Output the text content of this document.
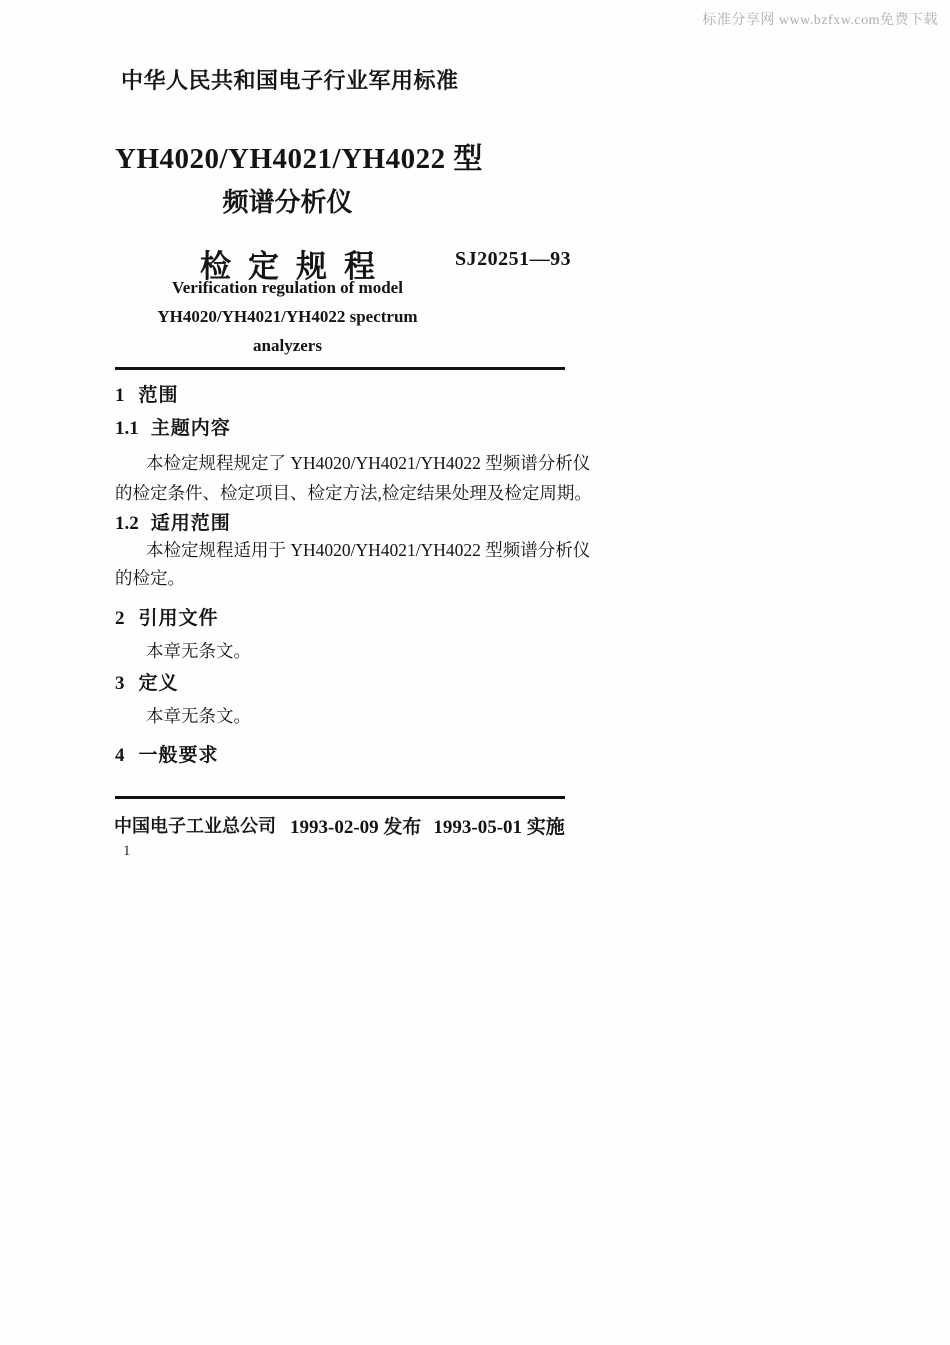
标准分享网 www.bzfxw.com免费下载
中华人民共和国电子行业军用标准
YH4020/YH4021/YH4022 型
频谱分析仪
检定规程	SJ20251—93
Verification regulation of model
YH4020/YH4021/YH4022 spectrum
analyzers
1 范围
1.1 主题内容
本检定规程规定了 YH4020/YH4021/YH4022 型频谱分析仪
的检定条件、检定项目、检定方法,检定结果处理及检定周期。
1.2 适用范围
本检定规程适用于 YH4020/YH4021/YH4022 型频谱分析仪
的检定。
2 引用文件
本章无条文。
3 定义
本章无条文。
4 一般要求
中国电子工业总公司 1993-02-09 发布 1993-05-01 实施
1
